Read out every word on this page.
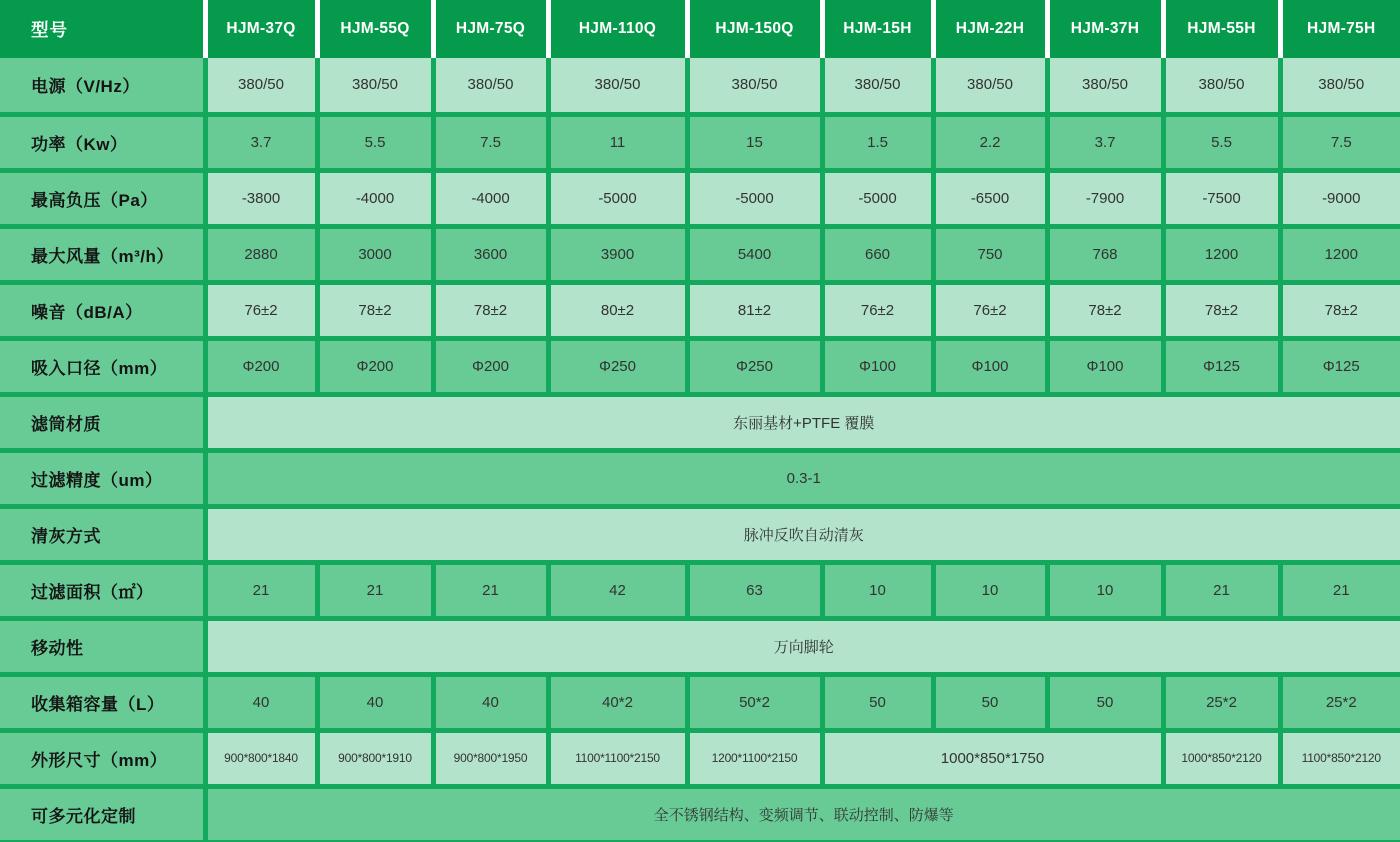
型号	HJM-37Q	HJM-55Q	HJM-75Q	HJM-110Q	HJM-150Q	HJM-15H	HJM-22H	HJM-37H	HJM-55H	HJM-75H
电源（V/Hz）	380/50	380/50	380/50	380/50	380/50	380/50	380/50	380/50	380/50	380/50
功率（Kw）	3.7	5.5	7.5	11	15	1.5	2.2	3.7	5.5	7.5
最高负压（Pa）	-3800	-4000	-4000	-5000	-5000	-5000	-6500	-7900	-7500	-9000
最大风量（m³/h）	2880	3000	3600	3900	5400	660	750	768	1200	1200
噪音（dB/A）	76±2	78±2	78±2	80±2	81±2	76±2	76±2	78±2	78±2	78±2
吸入口径（mm）	Φ200	Φ200	Φ200	Φ250	Φ250	Φ100	Φ100	Φ100	Φ125	Φ125
滤筒材质	东丽基材+PTFE 覆膜									
过滤精度（um）	0.3-1									
清灰方式	脉冲反吹自动清灰									
过滤面积（㎡）	21	21	21	42	63	10	10	10	21	21
移动性	万向脚轮									
收集箱容量（L）	40	40	40	40*2	50*2	50	50	50	25*2	25*2
外形尺寸（mm）	900*800*1840	900*800*1910	900*800*1950	1100*1100*2150	1200*1100*2150	1000*850*1750			1000*850*2120	1100*850*2120
可多元化定制	全不锈钢结构、变频调节、联动控制、防爆等									
